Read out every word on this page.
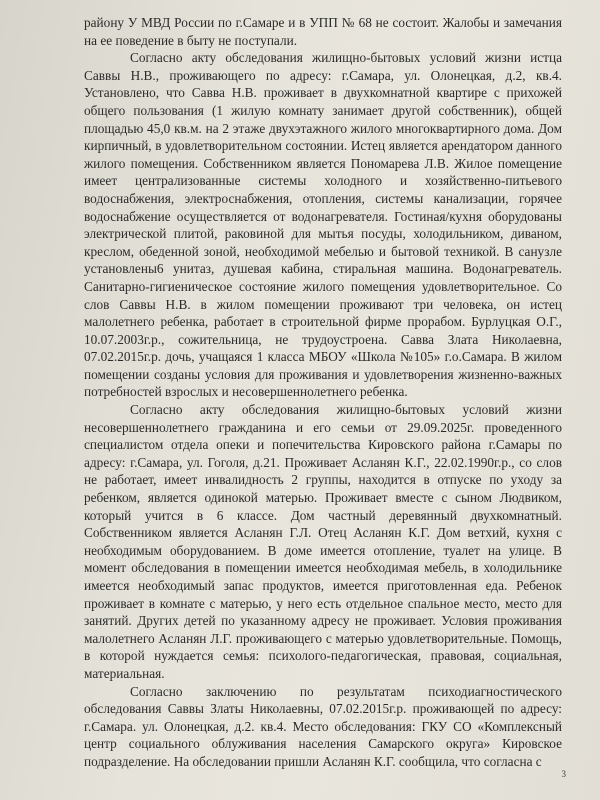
району У МВД России по г.Самаре и в УПП № 68 не состоит. Жалобы и замечания на ее поведение в быту не поступали.

Согласно акту обследования жилищно-бытовых условий жизни истца Саввы Н.В., проживающего по адресу: г.Самара, ул. Олонецкая, д.2, кв.4. Установлено, что Савва Н.В. проживает в двухкомнатной квартире с прихожей общего пользования (1 жилую комнату занимает другой собственник), общей площадью 45,0 кв.м. на 2 этаже двухэтажного жилого многоквартирного дома. Дом кирпичный, в удовлетворительном состоянии. Истец является арендатором данного жилого помещения. Собственником является Пономарева Л.В. Жилое помещение имеет централизованные системы холодного и хозяйственно-питьевого водоснабжения, электроснабжения, отопления, системы канализации, горячее водоснабжение осуществляется от водонагревателя. Гостиная/кухня оборудованы электрической плитой, раковиной для мытья посуды, холодильником, диваном, креслом, обеденной зоной, необходимой мебелью и бытовой техникой. В санузле установлены6 унитаз, душевая кабина, стиральная машина. Водонагреватель. Санитарно-гигиеническое состояние жилого помещения удовлетворительное. Со слов Саввы Н.В. в жилом помещении проживают три человека, он истец малолетнего ребенка, работает в строительной фирме прорабом. Бурлуцкая О.Г., 10.07.2003г.р., сожительница, не трудоустроена. Савва Злата Николаевна, 07.02.2015г.р. дочь, учащаяся 1 класса МБОУ «Школа №105» г.о.Самара. В жилом помещении созданы условия для проживания и удовлетворения жизненно-важных потребностей взрослых и несовершеннолетнего ребенка.

Согласно акту обследования жилищно-бытовых условий жизни несовершеннолетнего гражданина и его семьи от 29.09.2025г. проведенного специалистом отдела опеки и попечительства Кировского района г.Самары по адресу: г.Самара, ул. Гоголя, д.21. Проживает Асланян К.Г., 22.02.1990г.р., со слов не работает, имеет инвалидность 2 группы, находится в отпуске по уходу за ребенком, является одинокой матерью. Проживает вместе с сыном Людвиком, который учится в 6 классе. Дом частный деревянный двухкомнатный. Собственником является Асланян Г.Л. Отец Асланян К.Г. Дом ветхий, кухня с необходимым оборудованием. В доме имеется отопление, туалет на улице. В момент обследования в помещении имеется необходимая мебель, в холодильнике имеется необходимый запас продуктов, имеется приготовленная еда. Ребенок проживает в комнате с матерью, у него есть отдельное спальное место, место для занятий. Других детей по указанному адресу не проживает. Условия проживания малолетнего Асланян Л.Г. проживающего с матерью удовлетворительные. Помощь, в которой нуждается семья: психолого-педагогическая, правовая, социальная, материальная.

Согласно заключению по результатам психодиагностического обследования Саввы Златы Николаевны, 07.02.2015г.р. проживающей по адресу: г.Самара. ул. Олонецкая, д.2. кв.4. Место обследования: ГКУ СО «Комплексный центр социального облуживания населения Самарского округа» Кировское подразделение. На обследовании пришли Асланян К.Г. сообщила, что согласна с

3
